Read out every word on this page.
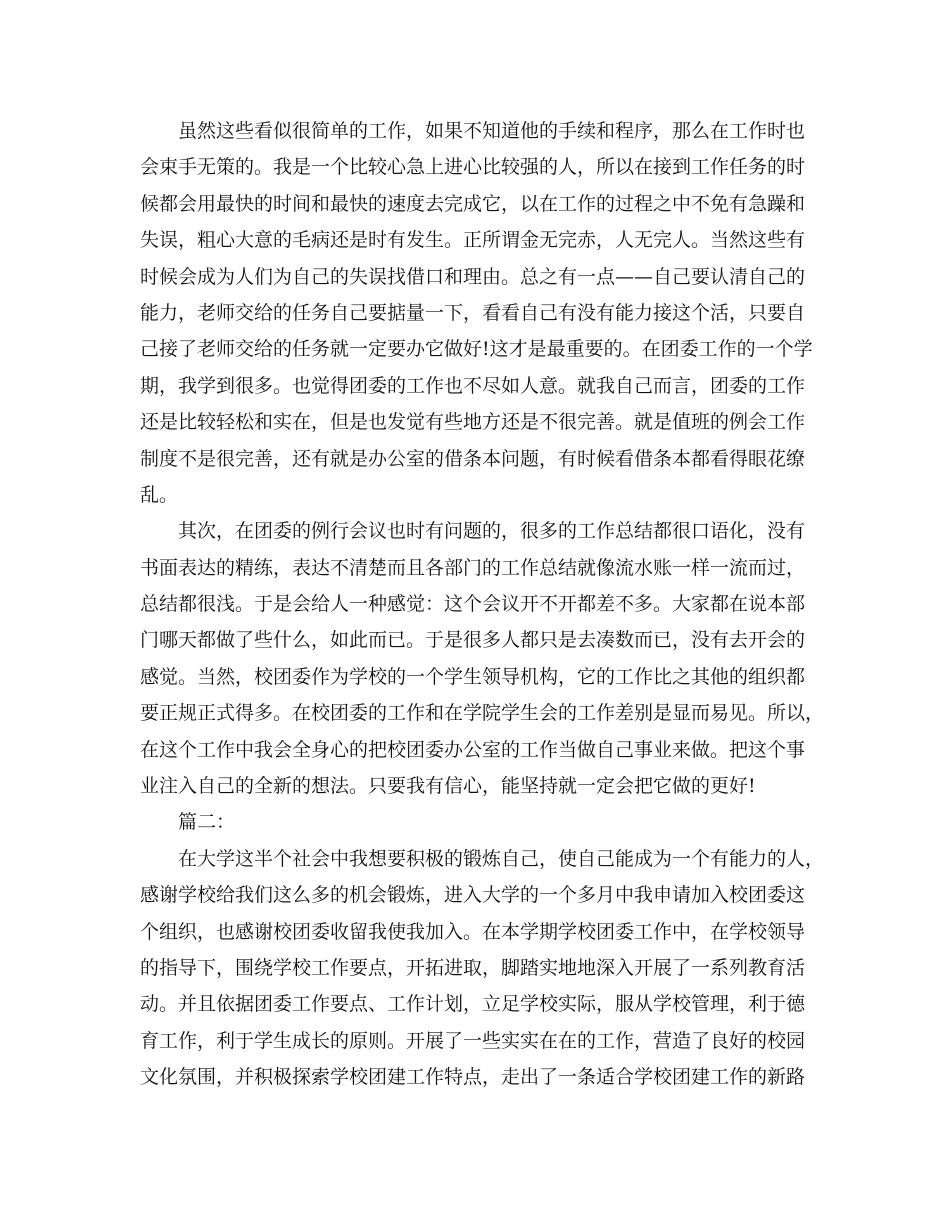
虽然这些看似很简单的工作，如果不知道他的手续和程序，那么在工作时也
会束手无策的。我是一个比较心急上进心比较强的人，所以在接到工作任务的时
候都会用最快的时间和最快的速度去完成它，以在工作的过程之中不免有急躁和
失误，粗心大意的毛病还是时有发生。正所谓金无完赤，人无完人。当然这些有
时候会成为人们为自己的失误找借口和理由。总之有一点——自己要认清自己的
能力，老师交给的任务自己要掂量一下，看看自己有没有能力接这个活，只要自
己接了老师交给的任务就一定要办它做好!这才是最重要的。在团委工作的一个学
期，我学到很多。也觉得团委的工作也不尽如人意。就我自己而言，团委的工作
还是比较轻松和实在，但是也发觉有些地方还是不很完善。就是值班的例会工作
制度不是很完善，还有就是办公室的借条本问题，有时候看借条本都看得眼花缭
乱。
其次，在团委的例行会议也时有问题的，很多的工作总结都很口语化，没有
书面表达的精练，表达不清楚而且各部门的工作总结就像流水账一样一流而过，
总结都很浅。于是会给人一种感觉：这个会议开不开都差不多。大家都在说本部
门哪天都做了些什么，如此而已。于是很多人都只是去凑数而已，没有去开会的
感觉。当然，校团委作为学校的一个学生领导机构，它的工作比之其他的组织都
要正规正式得多。在校团委的工作和在学院学生会的工作差别是显而易见。所以，
在这个工作中我会全身心的把校团委办公室的工作当做自己事业来做。把这个事
业注入自己的全新的想法。只要我有信心，能坚持就一定会把它做的更好!
篇二：
在大学这半个社会中我想要积极的锻炼自己，使自己能成为一个有能力的人，
感谢学校给我们这么多的机会锻炼，进入大学的一个多月中我申请加入校团委这
个组织，也感谢校团委收留我使我加入。在本学期学校团委工作中，在学校领导
的指导下，围绕学校工作要点，开拓进取，脚踏实地地深入开展了一系列教育活
动。并且依据团委工作要点、工作计划，立足学校实际，服从学校管理，利于德
育工作，利于学生成长的原则。开展了一些实实在在的工作，营造了良好的校园
文化氛围，并积极探索学校团建工作特点，走出了一条适合学校团建工作的新路
